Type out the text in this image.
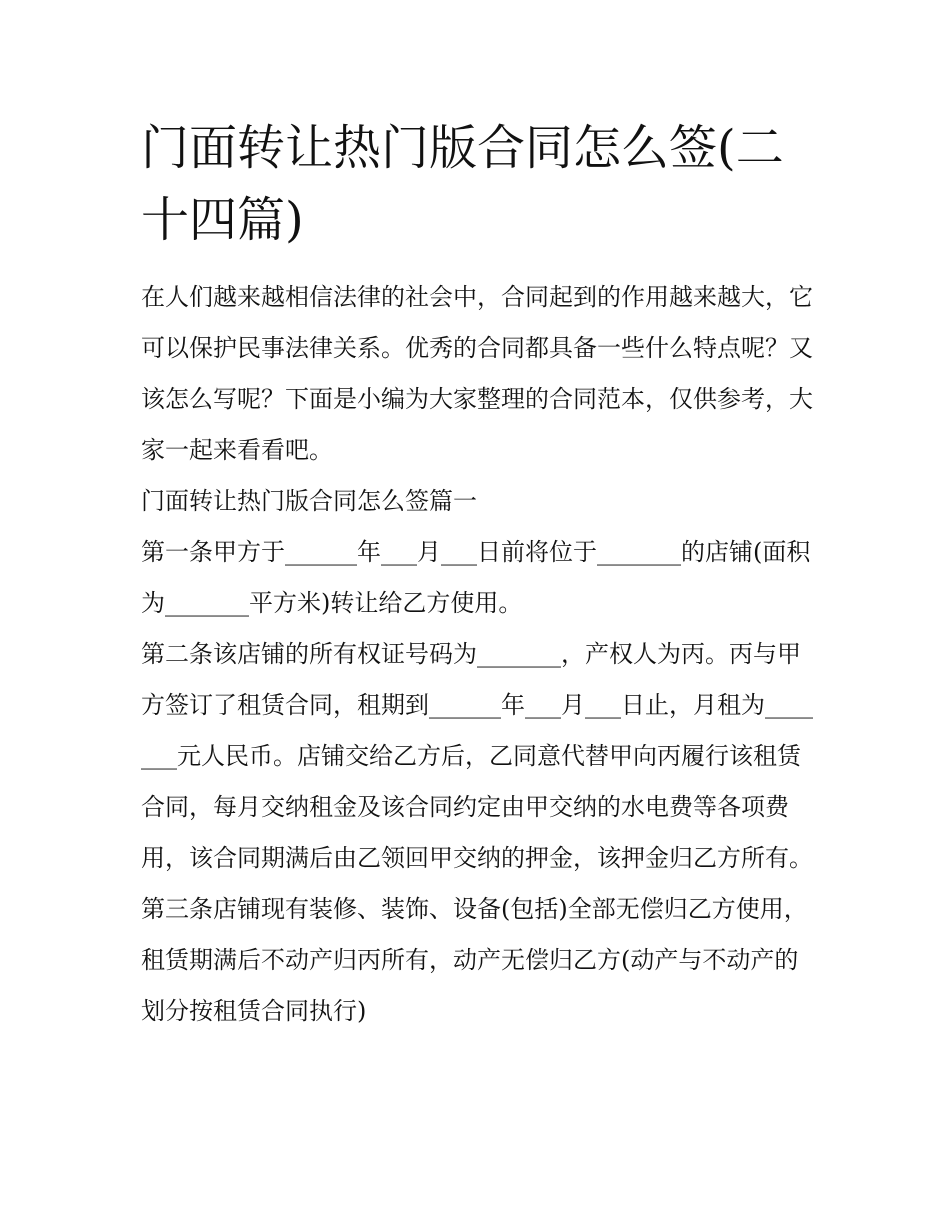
门面转让热门版合同怎么签(二十四篇)

在人们越来越相信法律的社会中，合同起到的作用越来越大，它可以保护民事法律关系。优秀的合同都具备一些什么特点呢？又该怎么写呢？下面是小编为大家整理的合同范本，仅供参考，大家一起来看看吧。

门面转让热门版合同怎么签篇一

第一条甲方于______年___月___日前将位于_______的店铺(面积为_______平方米)转让给乙方使用。

第二条该店铺的所有权证号码为_______，产权人为丙。丙与甲方签订了租赁合同，租期到______年___月___日止，月租为_______元人民币。店铺交给乙方后，乙同意代替甲向丙履行该租赁合同，每月交纳租金及该合同约定由甲交纳的水电费等各项费用，该合同期满后由乙领回甲交纳的押金，该押金归乙方所有。

第三条店铺现有装修、装饰、设备(包括)全部无偿归乙方使用，租赁期满后不动产归丙所有，动产无偿归乙方(动产与不动产的划分按租赁合同执行)
